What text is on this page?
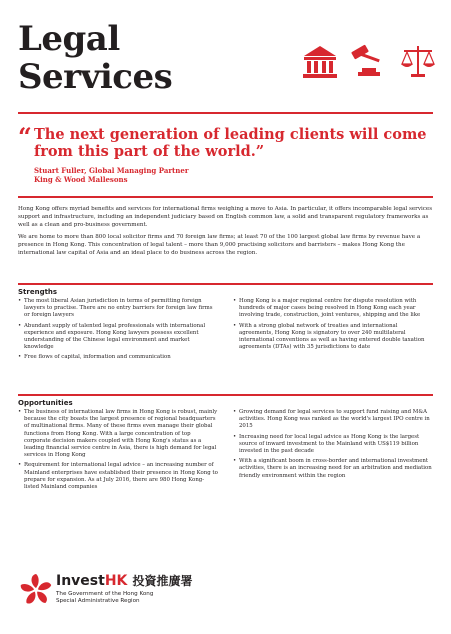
Legal
Services
“ The next generation of leading clients will come from this part of the world.”
Stuart Fuller, Global Managing Partner
King & Wood Mallesons

Hong Kong offers myriad benefits and services for international firms weighing a move to Asia. In particular, it offers incomparable legal services support and infrastructure, including an independent judiciary based on English common law, a solid and transparent regulatory frameworks as well as a clean and pro-business government.

We are home to more than 800 local solicitor firms and 70 foreign law firms; at least 70 of the 100 largest global law firms by revenue have a presence in Hong Kong. This concentration of legal talent – more than 9,000 practising solicitors and barristers – makes Hong Kong the international law capital of Asia and an ideal place to do business across the region.

Strengths
• The most liberal Asian jurisdiction in terms of permitting foreign lawyers to practise. There are no entry barriers for foreign law firms or foreign lawyers
• Abundant supply of talented legal professionals with international experience and exposure. Hong Kong lawyers possess excellent understanding of the Chinese legal environment and market knowledge
• Free flows of capital, information and communication
• Hong Kong is a major regional centre for dispute resolution with hundreds of major cases being resolved in Hong Kong each year involving trade, construction, joint ventures, shipping and the like
• With a strong global network of treaties and international agreements, Hong Kong is signatory to over 240 multilateral international conventions as well as having entered double taxation agreements (DTAs) with 35 jurisdictions to date
Opportunities
• The business of international law firms in Hong Kong is robust, mainly because the city boasts the largest presence of regional headquarters of multinational firms. Many of these firms even manage their global functions from Hong Kong. With a large concentration of top corporate decision makers coupled with Hong Kong's status as a leading financial service centre in Asia, there is high demand for legal services in Hong Kong
• Requirement for international legal advice – an increasing number of Mainland enterprises have established their presence in Hong Kong to prepare for expansion. As at July 2016, there are 980 Hong Kong-listed Mainland companies
• Growing demand for legal services to support fund raising and M&A activities. Hong Kong was ranked as the world's largest IPO centre in 2015
• Increasing need for local legal advice as Hong Kong is the largest source of inward investment to the Mainland with US$119 billion invested in the past decade
• With a significant boom in cross-border and international investment activities, there is an increasing need for an arbitration and mediation friendly environment within the region
InvestHK 投資推廣署
The Government of the Hong Kong
Special Administrative Region
